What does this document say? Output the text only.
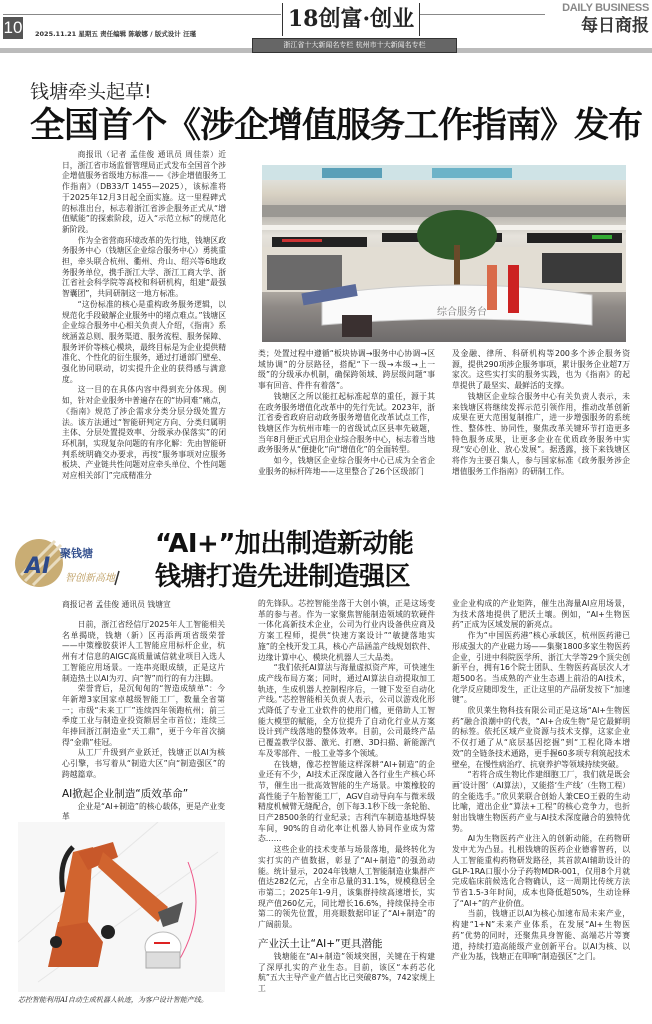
10 2025.11.21 星期五 责任编辑 陈敏娜 / 版式设计 汪瑾
18创富·创业
浙江省十大新闻名专栏 杭州市十大新闻名专栏
DAILY BUSINESS
每日商报
钱塘牵头起草!
全国首个《涉企增值服务工作指南》发布

商报讯（记者 孟佳俊 通讯员 周佳萘）近日，浙江省市场监督管理局正式发布全国首个涉企增值服务省级地方标准——《涉企增值服务工作指南》（DB33/T 1455—2025），该标准将于2025年12月3日起全面实施。这一里程碑式的标准出台，标志着浙江省涉企服务正式从“增值赋能”的探索阶段，迈入“示范立标”的规范化新阶段。

作为全省营商环境改革的先行地，钱塘区政务服务中心（钱塘区企业综合服务中心）勇挑重担，牵头联合杭州、衢州、舟山、绍兴等6地政务服务单位，携手浙江大学、浙江工商大学、浙江省社会科学院等高校和科研机构，组建“最强智囊团”，共同研制这一地方标准。

“这份标准的核心是重构政务服务逻辑，以规范化手段破解企业服务中的堵点难点。”钱塘区企业综合服务中心相关负责人介绍，《指南》系统涵盖总则、服务渠道、服务流程、服务保障、服务评价等核心模块，最终目标是为企业提供精准化、个性化的衍生服务，通过打通部门壁垒、强化协同联动，切实提升企业的获得感与满意度。

这一目的在具体内容中得到充分体现。例如，针对企业服务中普遍存在的“协同难”痛点，《指南》规范了涉企需求分类分层分级处置方法。该方法通过“智能研判定方向、分类归属明主体、分层处置提效率、分级承办保落实”的闭环机制，实现复杂问题的有序化解：先由智能研判系统明确交办要求，再按“服务事项对应服务板块、产业链共性问题对应牵头单位、个性问题对应相关部门”完成精准分

综合服务台

类；处置过程中遵循“板块协调→服务中心协调→区域协调”的分层路径，搭配“下一级→本级→上一级”的分级承办机制，确保跨领域、跨层级问题“事事有回音、件件有着落”。

钱塘区之所以能扛起标准起草的重任，源于其在政务服务增值化改革中的先行先试。2023年，浙江省委省政府启动政务服务增值化改革试点工作，钱塘区作为杭州市唯一的省级试点区县率先破题，当年8月便正式启用企业综合服务中心，标志着当地政务服务从“便捷化”向“增值化”的全面转型。

如今，钱塘区企业综合服务中心已成为全省企业服务的标杆阵地——这里整合了26个区级部门

及金融、律所、科研机构等200多个涉企服务资源，提供290项涉企服务事项，累计服务企业超7万家次。这些实打实的服务实践，也为《指南》的起草提供了最坚实、最鲜活的支撑。

钱塘区企业综合服务中心有关负责人表示，未来钱塘区将继续发挥示范引领作用，推动改革创新成果在更大范围复制推广，进一步增强服务的系统性、整体性、协同性，聚焦改革关键环节打造更多特色服务成果，让更多企业在优质政务服务中实现“安心创业、放心发展”。据透露，接下来钱塘区将作为主要召集人，参与国家标准《政务服务涉企增值服务工作指南》的研制工作。

AI
聚钱塘
智创新高地
“AI+”加出制造新动能
钱塘打造先进制造强区
商报记者 孟佳俊 通讯员 钱塘宣

日前，浙江省经信厅2025年人工智能相关名单揭晓，钱塘（新）区再添两项省级荣誉——中策橡胶获评人工智能应用标杆企业，杭州有才信息的AIGC高质量诚信就业项目入选人工智能应用场景。一连串亮眼成绩，正是这片制造热土以AI为刃、向“智”而行的有力注脚。

荣誉背后，是沉甸甸的“智造成绩单”：今年新增3家国家卓越级智能工厂，数量全省第一；市级“未来工厂”连续四年领跑杭州；前三季度工业与制造业投资额居全市首位；连续三年捧回浙江制造业“天工鼎”，更于今年首次摘得“金鼎”桂冠。

从工厂升级到产业跃迁，钱塘正以AI为核心引擎，书写着从“制造大区”向“制造强区”的跨越篇章。

AI掀起企业制造“质效革命”

企业是“AI+制造”的核心载体，更是产业变革

芯控智能利用AI自动生成机器人轨迹，为客户设计智能产线。

的先锋队。芯控智能坐落于大创小镇，正是这场变革的参与者。作为一家聚焦智能制造领域的软硬件一体化高新技术企业，公司为行业内设备供应商及方案工程师，提供“快速方案设计”“敏捷落地实施”的全栈开发工具，核心产品涵盖产线规划软件、边缘计算中心、模块化机器人三大品类。

“我们依托AI算法与海量虚拟资产库，可快速生成产线布局方案；同时，通过AI算法自动提取加工轨迹，生成机器人控制程序后，一键下发至自动化产线。”芯控智能相关负责人表示，公司以游戏化形式降低了专业工业软件的使用门槛，更借助人工智能大模型的赋能，全方位提升了自动化行业从方案设计到产线落地的整体效率。目前，公司最终产品已覆盖教学仪器、激光、打磨、3D扫描、新能源汽车及零部件、一般工业等多个领域。

在钱塘，像芯控智能这样深耕“AI+制造”的企业还有不少，AI技术正深度融入各行业生产核心环节，催生出一批高效智能的生产场景。中策橡胶的高性能子午胎智能工厂，AGV自动导向车与微米级精度机械臂无缝配合，创下每3.1秒下线一条轮胎、日产28500条的行业纪录；吉利汽车制造基地焊装车间，90%的自动化率让机器人协同作业成为常态……

这些企业的技术变革与场景落地，最终转化为实打实的产值数据，彰显了“AI+制造”的强劲动能。统计显示，2024年钱塘人工智能制造业集群产值达282亿元，占全市总量的31.1%，规模稳居全市第二；2025年1-9月，该集群持续高速增长，实现产值260亿元，同比增长16.6%，持续保持全市第二的领先位置，用亮眼数据印证了“AI+制造”的广阔前景。

产业沃土让“AI+”更具潜能

钱塘能在“AI+制造”领域突围，关键在于构建了深厚扎实的产业生态。目前，该区“本药芯化航”五大主导产业产值占比已突破87%，742家规上工

业企业构成的产业矩阵，催生出海量AI应用场景，为技术落地提供了肥沃土壤。例如，“AI+生物医药”正成为区域发展的新亮点。

作为“中国医药港”核心承载区，杭州医药港已形成强大的产业磁力场——集聚1800多家生物医药企业，引进中科院医学所、浙江大学等29个顶尖创新平台，拥有16个院士团队、生物医药高层次人才超500名。当成熟的产业生态遇上前沿的AI技术，化学反应随即发生，正让这里的产品研发按下“加速键”。

欣贝莱生物科技有限公司正是这场“AI+生物医药”融合浪潮中的代表，“AI+合成生物”是它最鲜明的标签。依托区域产业资源与技术支撑，这家企业不仅打通了从“底层基因挖掘”到“工程化降本增效”的全链条技术通路，更手握60多项专利筑起技术壁垒，在慢性病治疗、抗衰养护等领域持续突破。

“若将合成生物比作建细胞工厂，我们就是既会画‘设计图’（AI算法），又能搭‘生产线’（生物工程）的全能选手。”欣贝莱联合创始人兼CEO王毅的生动比喻，道出企业“算法+工程”的核心竞争力，也折射出钱塘生物医药产业与AI技术深度融合的独特优势。

AI为生物医药产业注入的创新动能，在药物研发中尤为凸显。扎根钱塘的医药企业德睿智药，以人工智能重构药物研发路径，其首款AI辅助设计的GLP-1RA口服小分子药物MDR-001，仅用8个月就完成临床前候选化合物确认，这一周期比传统方法节省1.5-3年时间，成本也降低超50%，生动诠释了“AI+”的产业价值。

当前，钱塘正以AI为核心加速布局未来产业，构建“1+N”未来产业体系，在发展“AI+生物医药”优势的同时，还聚焦具身智能、高端芯片等赛道，持续打造高能级产业创新平台。以AI为核、以产业为基，钱塘正在叩响“制造强区”之门。
